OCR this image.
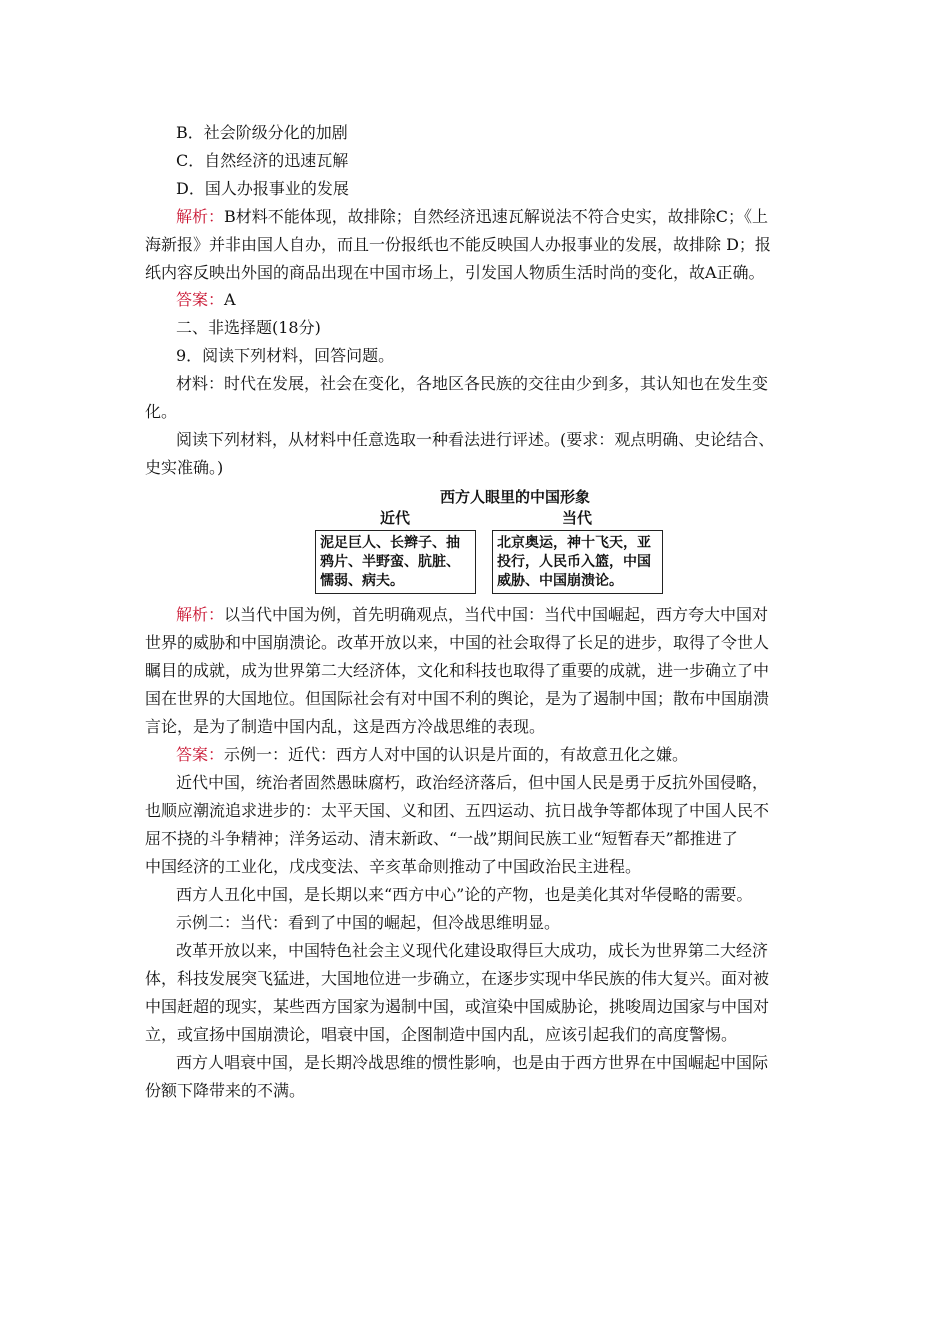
B．社会阶级分化的加剧
C．自然经济的迅速瓦解
D．国人办报事业的发展
解析：B材料不能体现，故排除；自然经济迅速瓦解说法不符合史实，故排除C；《上
海新报》并非由国人自办，而且一份报纸也不能反映国人办报事业的发展，故排除 D；报
纸内容反映出外国的商品出现在中国市场上，引发国人物质生活时尚的变化，故A正确。
答案：A
二、非选择题(18分)
9．阅读下列材料，回答问题。
材料：时代在发展，社会在变化，各地区各民族的交往由少到多，其认知也在发生变
化。
阅读下列材料，从材料中任意选取一种看法进行评述。(要求：观点明确、史论结合、
史实准确。)
西方人眼里的中国形象
近代	当代
泥足巨人、长辫子、抽
鸦片、半野蛮、肮脏、
懦弱、病夫。
北京奥运，神十飞天，亚
投行，人民币入篮，中国
威胁、中国崩溃论。
解析：以当代中国为例，首先明确观点，当代中国：当代中国崛起，西方夸大中国对
世界的威胁和中国崩溃论。改革开放以来，中国的社会取得了长足的进步，取得了令世人
瞩目的成就，成为世界第二大经济体，文化和科技也取得了重要的成就，进一步确立了中
国在世界的大国地位。但国际社会有对中国不利的舆论，是为了遏制中国；散布中国崩溃
言论，是为了制造中国内乱，这是西方冷战思维的表现。
答案：示例一：近代：西方人对中国的认识是片面的，有故意丑化之嫌。
近代中国，统治者固然愚昧腐朽，政治经济落后，但中国人民是勇于反抗外国侵略，
也顺应潮流追求进步的：太平天国、义和团、五四运动、抗日战争等都体现了中国人民不
屈不挠的斗争精神；洋务运动、清末新政、“一战”期间民族工业“短暂春天”都推进了
中国经济的工业化，戊戌变法、辛亥革命则推动了中国政治民主进程。
西方人丑化中国，是长期以来“西方中心”论的产物，也是美化其对华侵略的需要。
示例二：当代：看到了中国的崛起，但冷战思维明显。
改革开放以来，中国特色社会主义现代化建设取得巨大成功，成长为世界第二大经济
体，科技发展突飞猛进，大国地位进一步确立，在逐步实现中华民族的伟大复兴。面对被
中国赶超的现实，某些西方国家为遏制中国，或渲染中国威胁论，挑唆周边国家与中国对
立，或宣扬中国崩溃论，唱衰中国，企图制造中国内乱，应该引起我们的高度警惕。
西方人唱衰中国，是长期冷战思维的惯性影响，也是由于西方世界在中国崛起中国际
份额下降带来的不满。
